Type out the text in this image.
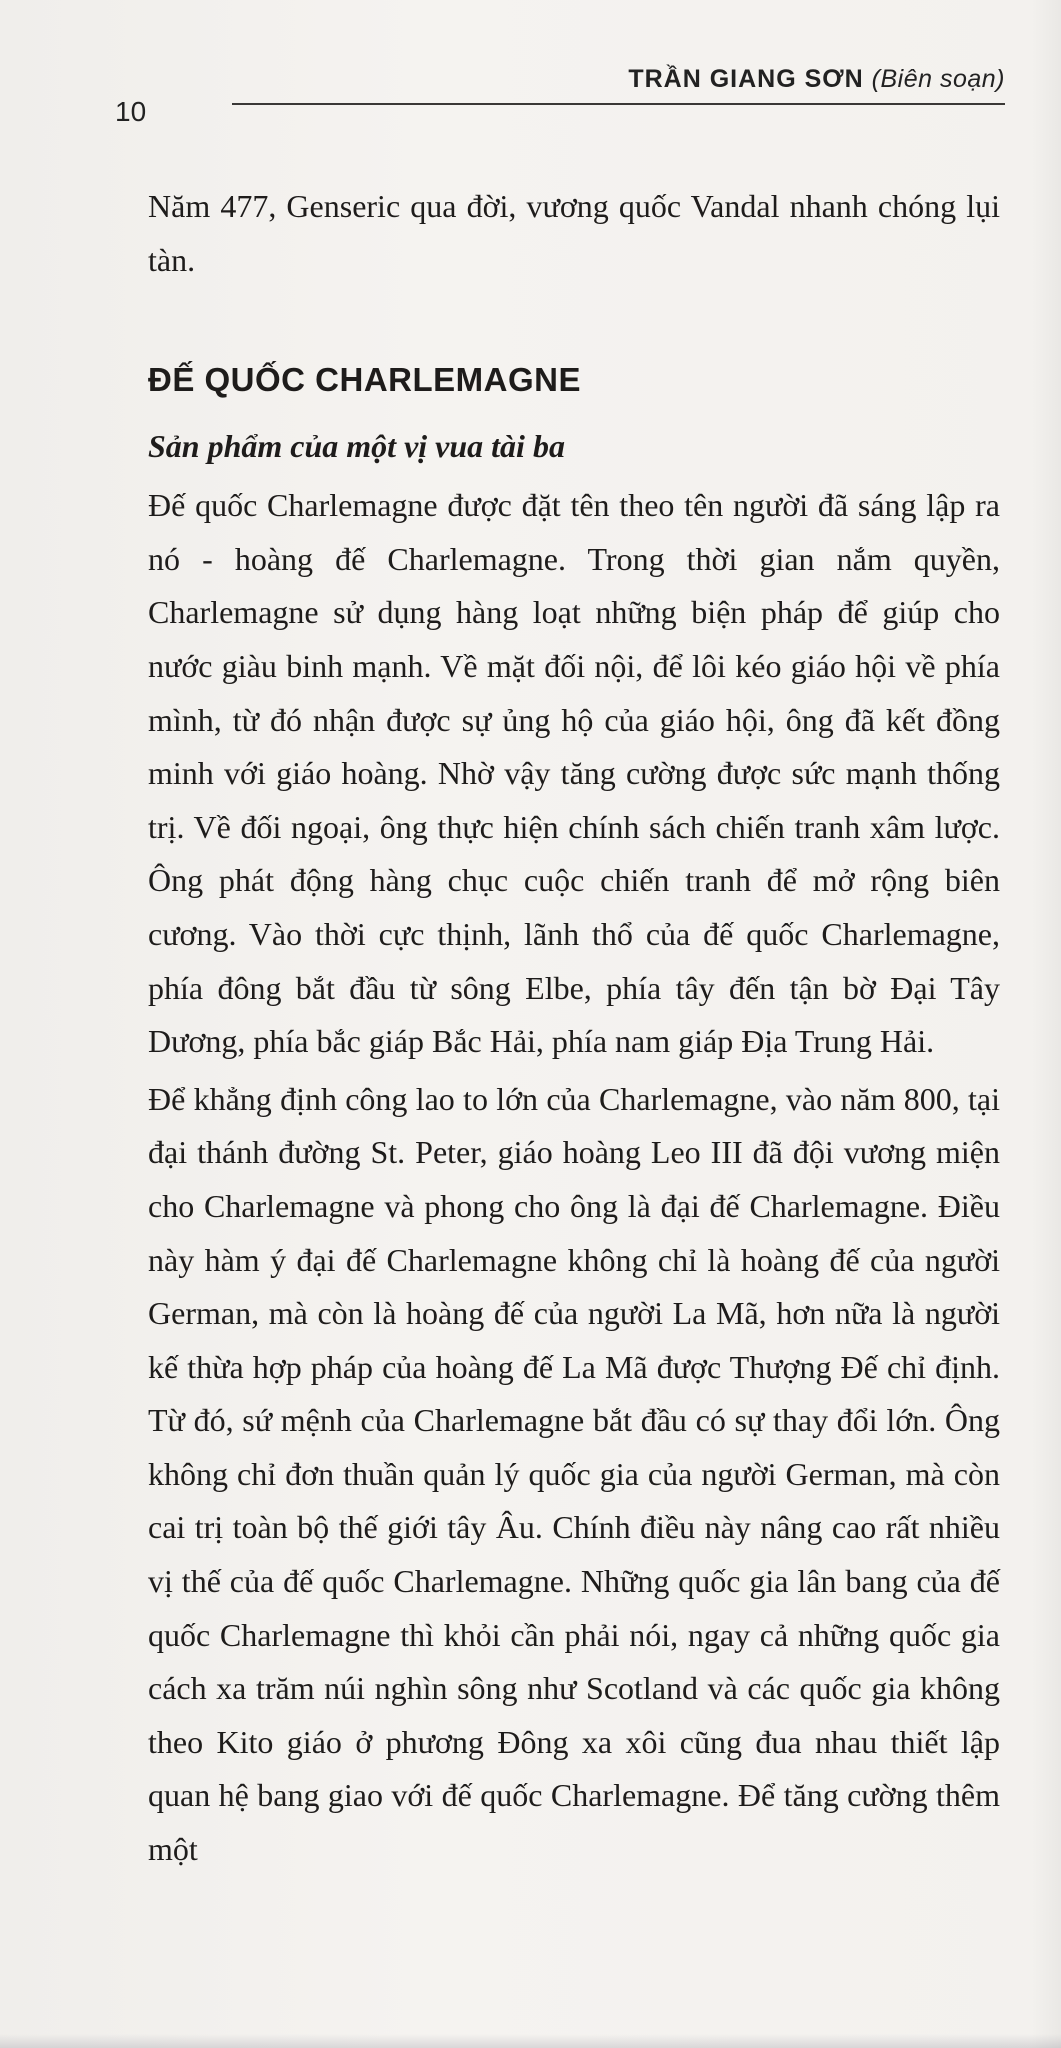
10
TRẦN GIANG SƠN (Biên soạn)

Năm 477, Genseric qua đời, vương quốc Vandal nhanh chóng lụi tàn.

ĐẾ QUỐC CHARLEMAGNE
Sản phẩm của một vị vua tài ba

Đế quốc Charlemagne được đặt tên theo tên người đã sáng lập ra nó - hoàng đế Charlemagne. Trong thời gian nắm quyền, Charlemagne sử dụng hàng loạt những biện pháp để giúp cho nước giàu binh mạnh. Về mặt đối nội, để lôi kéo giáo hội về phía mình, từ đó nhận được sự ủng hộ của giáo hội, ông đã kết đồng minh với giáo hoàng. Nhờ vậy tăng cường được sức mạnh thống trị. Về đối ngoại, ông thực hiện chính sách chiến tranh xâm lược. Ông phát động hàng chục cuộc chiến tranh để mở rộng biên cương. Vào thời cực thịnh, lãnh thổ của đế quốc Charlemagne, phía đông bắt đầu từ sông Elbe, phía tây đến tận bờ Đại Tây Dương, phía bắc giáp Bắc Hải, phía nam giáp Địa Trung Hải.

Để khẳng định công lao to lớn của Charlemagne, vào năm 800, tại đại thánh đường St. Peter, giáo hoàng Leo III đã đội vương miện cho Charlemagne và phong cho ông là đại đế Charlemagne. Điều này hàm ý đại đế Charlemagne không chỉ là hoàng đế của người German, mà còn là hoàng đế của người La Mã, hơn nữa là người kế thừa hợp pháp của hoàng đế La Mã được Thượng Đế chỉ định. Từ đó, sứ mệnh của Charlemagne bắt đầu có sự thay đổi lớn. Ông không chỉ đơn thuần quản lý quốc gia của người German, mà còn cai trị toàn bộ thế giới tây Âu. Chính điều này nâng cao rất nhiều vị thế của đế quốc Charlemagne. Những quốc gia lân bang của đế quốc Charlemagne thì khỏi cần phải nói, ngay cả những quốc gia cách xa trăm núi nghìn sông như Scotland và các quốc gia không theo Kito giáo ở phương Đông xa xôi cũng đua nhau thiết lập quan hệ bang giao với đế quốc Charlemagne. Để tăng cường thêm một
